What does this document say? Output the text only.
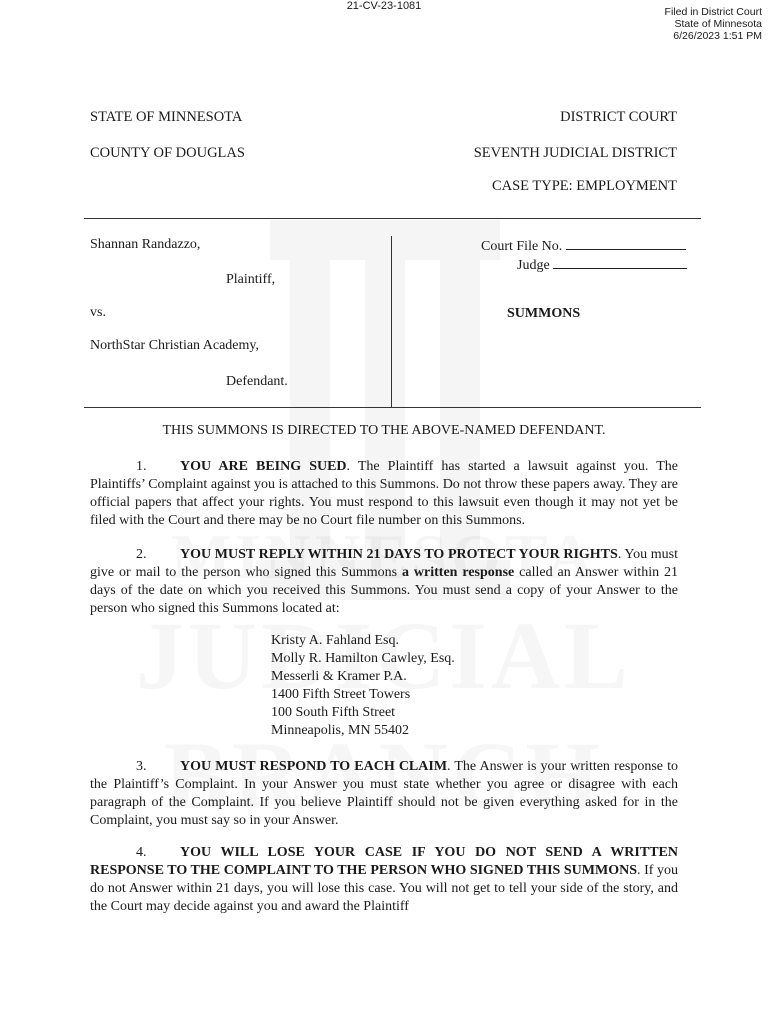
21-CV-23-1081	Filed in District Court
State of Minnesota
6/26/2023 1:51 PM
STATE OF MINNESOTA	DISTRICT COURT
COUNTY OF DOUGLAS	SEVENTH JUDICIAL DISTRICT
CASE TYPE: EMPLOYMENT
Shannan Randazzo,
Plaintiff,
vs.
NorthStar Christian Academy,
Defendant.
Court File No.
Judge
SUMMONS
THIS SUMMONS IS DIRECTED TO THE ABOVE-NAMED DEFENDANT.
1. YOU ARE BEING SUED. The Plaintiff has started a lawsuit against you. The Plaintiffs’ Complaint against you is attached to this Summons. Do not throw these papers away. They are official papers that affect your rights. You must respond to this lawsuit even though it may not yet be filed with the Court and there may be no Court file number on this Summons.
2. YOU MUST REPLY WITHIN 21 DAYS TO PROTECT YOUR RIGHTS. You must give or mail to the person who signed this Summons a written response called an Answer within 21 days of the date on which you received this Summons. You must send a copy of your Answer to the person who signed this Summons located at:
Kristy A. Fahland Esq.
Molly R. Hamilton Cawley, Esq.
Messerli & Kramer P.A.
1400 Fifth Street Towers
100 South Fifth Street
Minneapolis, MN 55402
3. YOU MUST RESPOND TO EACH CLAIM. The Answer is your written response to the Plaintiff’s Complaint. In your Answer you must state whether you agree or disagree with each paragraph of the Complaint. If you believe Plaintiff should not be given everything asked for in the Complaint, you must say so in your Answer.
4. YOU WILL LOSE YOUR CASE IF YOU DO NOT SEND A WRITTEN RESPONSE TO THE COMPLAINT TO THE PERSON WHO SIGNED THIS SUMMONS. If you do not Answer within 21 days, you will lose this case. You will not get to tell your side of the story, and the Court may decide against you and award the Plaintiff
